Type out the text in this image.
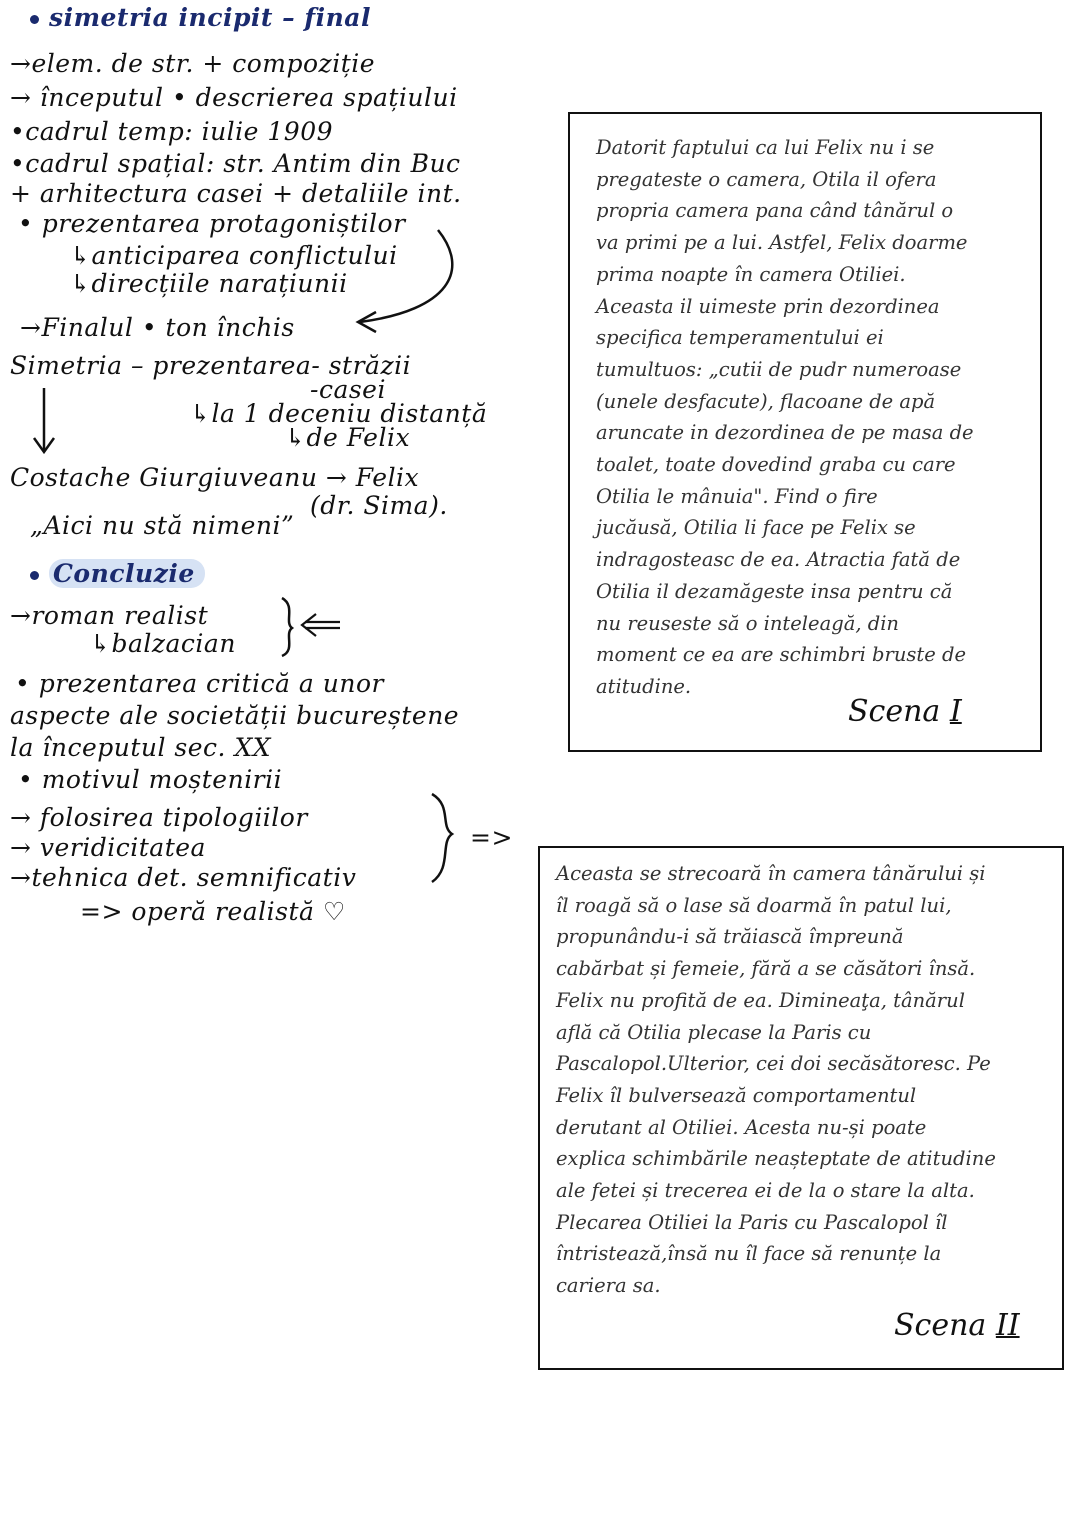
simetria incipit – final
→elem. de str. + compoziție
→ începutul • descrierea spațiului
•cadrul temp: iulie 1909
•cadrul spațial: str. Antim din Buc
+ arhitectura casei + detaliile int.
• prezentarea protagoniștilor
↳anticiparea conflictului
↳direcțiile narațiunii
→Finalul • ton închis
Simetria – prezentarea- străzii
-casei
↳la 1 deceniu distanță
↳de Felix
Costache Giurgiuveanu → Felix
(dr. Sima).
„Aici nu stă nimeni”
Concluzie
→roman realist
↳balzacian
• prezentarea critică a unor
aspecte ale societății bucureștene
la începutul sec. XX
• motivul moștenirii
→ folosirea tipologiilor
→ veridicitatea
→tehnica det. semnificativ
=> operă realistă ♡
=>
Datorit faptului ca lui Felix nu i se
pregateste o camera, Otila il ofera
propria camera pana când tânărul o
va primi pe a lui. Astfel, Felix doarme
prima noapte în camera Otiliei.
Aceasta il uimeste prin dezordinea
specifica temperamentului ei
tumultuos: „cutii de pudr numeroase
(unele desfacute), flacoane de apă
aruncate in dezordinea de pe masa de
toalet, toate dovedind graba cu care
Otilia le mânuia". Find o fire
jucăusă, Otilia li face pe Felix se
indragosteasc de ea. Atractia fată de
Otilia il dezamăgeste insa pentru că
nu reuseste să o inteleagă, din
moment ce ea are schimbri bruste de
atitudine.
Scena I
Aceasta se strecoară în camera tânărului și
îl roagă să o lase să doarmă în patul lui,
propunându-i să trăiască împreună
cabărbat și femeie, fără a se căsători însă.
Felix nu profită de ea. Dimineaţa, tânărul
află că Otilia plecase la Paris cu
Pascalopol.Ulterior, cei doi secăsătoresc. Pe
Felix îl bulversează comportamentul
derutant al Otiliei. Acesta nu-și poate
explica schimbările neașteptate de atitudine
ale fetei și trecerea ei de la o stare la alta.
Plecarea Otiliei la Paris cu Pascalopol îl
întristează,însă nu îl face să renunțe la
cariera sa.
Scena II
